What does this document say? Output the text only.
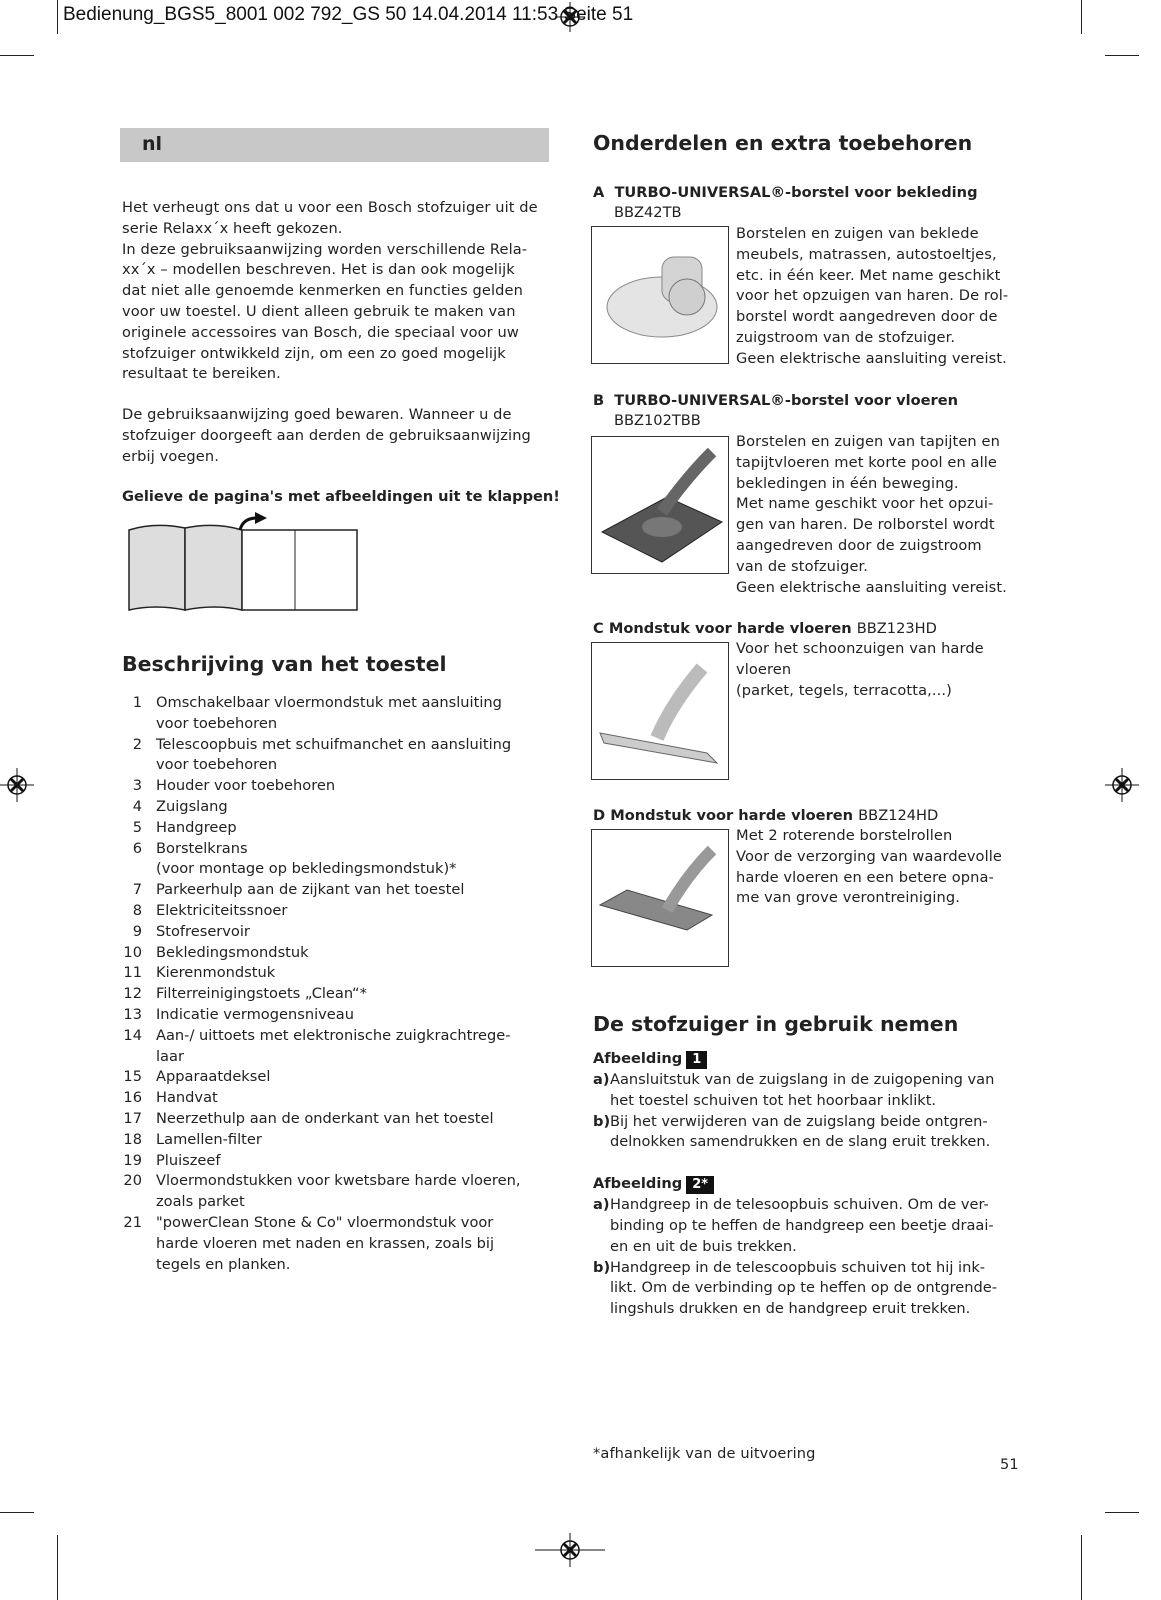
Bedienung_BGS5_8001 002 792_GS 50 14.04.2014 11:53 Seite 51
nl
Het verheugt ons dat u voor een Bosch stofzuiger uit de
serie Relaxx´x heeft gekozen.
In deze gebruiksaanwijzing worden verschillende Rela-
xx´x – modellen beschreven. Het is dan ook mogelijk
dat niet alle genoemde kenmerken en functies gelden
voor uw toestel. U dient alleen gebruik te maken van
originele accessoires van Bosch, die speciaal voor uw
stofzuiger ontwikkeld zijn, om een zo goed mogelijk
resultaat te bereiken.
De gebruiksaanwijzing goed bewaren. Wanneer u de
stofzuiger doorgeeft aan derden de gebruiksaanwijzing
erbij voegen.
Gelieve de pagina's met afbeeldingen uit te klappen!
Beschrijving van het toestel
1 Omschakelbaar vloermondstuk met aansluiting
voor toebehoren
2 Telescoopbuis met schuifmanchet en aansluiting
voor toebehoren
3 Houder voor toebehoren
4 Zuigslang
5 Handgreep
6 Borstelkrans
(voor montage op bekledingsmondstuk)*
7 Parkeerhulp aan de zijkant van het toestel
8 Elektriciteitssnoer
9 Stofreservoir
10 Bekledingsmondstuk
11 Kierenmondstuk
12 Filterreinigingstoets „Clean“*
13 Indicatie vermogensniveau
14 Aan-/ uittoets met elektronische zuigkrachtrege-
laar
15 Apparaatdeksel
16 Handvat
17 Neerzethulp aan de onderkant van het toestel
18 Lamellen-filter
19 Pluiszeef
20 Vloermondstukken voor kwetsbare harde vloeren,
zoals parket
21 "powerClean Stone & Co" vloermondstuk voor
harde vloeren met naden en krassen, zoals bij
tegels en planken.
Onderdelen en extra toebehoren
A TURBO-UNIVERSAL®-borstel voor bekleding
BBZ42TB
Borstelen en zuigen van beklede
meubels, matrassen, autostoeltjes,
etc. in één keer. Met name geschikt
voor het opzuigen van haren. De rol-
borstel wordt aangedreven door de
zuigstroom van de stofzuiger.
Geen elektrische aansluiting vereist.
B TURBO-UNIVERSAL®-borstel voor vloeren
BBZ102TBB
Borstelen en zuigen van tapijten en
tapijtvloeren met korte pool en alle
bekledingen in één beweging.
Met name geschikt voor het opzui-
gen van haren. De rolborstel wordt
aangedreven door de zuigstroom
van de stofzuiger.
Geen elektrische aansluiting vereist.
C Mondstuk voor harde vloeren BBZ123HD
Voor het schoonzuigen van harde
vloeren
(parket, tegels, terracotta,...)
D Mondstuk voor harde vloeren BBZ124HD
Met 2 roterende borstelrollen
Voor de verzorging van waardevolle
harde vloeren en een betere opna-
me van grove verontreiniging.
De stofzuiger in gebruik nemen
Afbeelding 1
a) Aansluitstuk van de zuigslang in de zuigopening van
het toestel schuiven tot het hoorbaar inklikt.
b) Bij het verwijderen van de zuigslang beide ontgren-
delnokken samendrukken en de slang eruit trekken.
Afbeelding 2*
a) Handgreep in de telesoopbuis schuiven. Om de ver-
binding op te heffen de handgreep een beetje draai-
en en uit de buis trekken.
b) Handgreep in de telescoopbuis schuiven tot hij ink-
likt. Om de verbinding op te heffen op de ontgrende-
lingshuls drukken en de handgreep eruit trekken.
*afhankelijk van de uitvoering
51
